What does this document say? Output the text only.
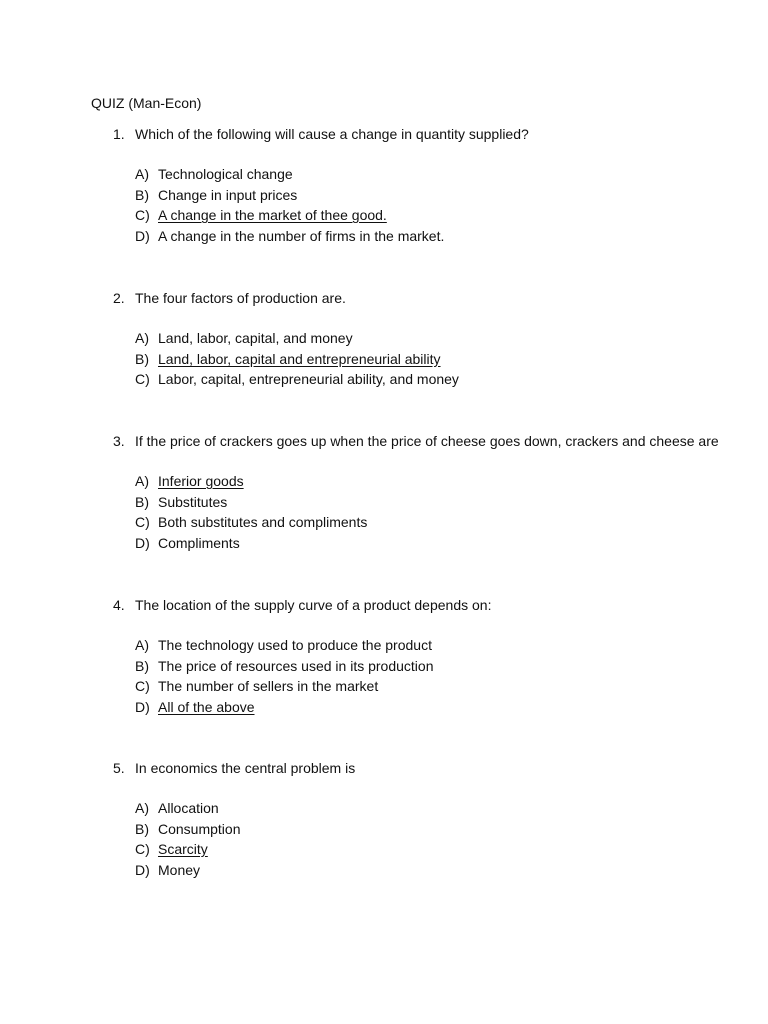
QUIZ (Man-Econ)
1. Which of the following will cause a change in quantity supplied?
A) Technological change
B) Change in input prices
C) A change in the market of thee good.
D) A change in the number of firms in the market.
2. The four factors of production are.
A) Land, labor, capital, and money
B) Land, labor, capital and entrepreneurial ability
C) Labor, capital, entrepreneurial ability, and money
3. If the price of crackers goes up when the price of cheese goes down, crackers and cheese are
A) Inferior goods
B) Substitutes
C) Both substitutes and compliments
D) Compliments
4. The location of the supply curve of a product depends on:
A) The technology used to produce the product
B) The price of resources used in its production
C) The number of sellers in the market
D) All of the above
5. In economics the central problem is
A) Allocation
B) Consumption
C) Scarcity
D) Money
